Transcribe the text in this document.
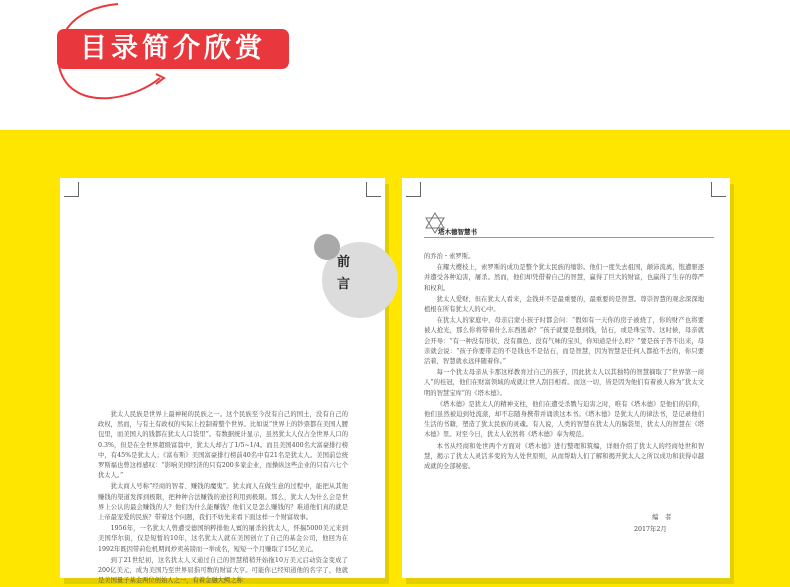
目录简介欣赏
前言

犹太人民族是世界上最神秘的民族之一。这个民族至今没有自己的国土，没有自己的政权，然而，与有土有政权的实际上控制着整个世界。比如说“世界上的钞票都在美国人腰包里，而美国人的钱都在犹太人口袋里”。有数据统计显示，虽然犹太人仅占全世界人口的0.3%，但是在全世界超级富翁中，犹太人却占了1/5~1/4。而且美国400名大富豪排行榜中，有45%是犹太人；《富布斯》美国富豪排行榜前40名中有21名是犹太人。美国前总统罗斯福也曾这样感叹：“影响美国经济的只有200多家企业，而操纵这些企业的只有六七个犹太人。”

犹太商人号称“经商的智者、赚钱的魔鬼”。犹太商人在做生意的过程中，能把从其他赚钱的渠道发挥到极限，把种种合法赚钱的途径利用到极限。那么，犹太人为什么会是世界上公认的最会赚钱的人？他们为什么能赚钱？他们又是怎么赚钱的？难道他们真的就是上帝最宠爱的民族？带着这个问题，我们不妨先来看下面这样一个财富故事。

1956年，一名犹太人曾遭受德国纳粹排他人賓的屠杀的犹太人，怀揣5000美元来到美国华尔街，仅是短暂的10年，这名犹太人就在美国创立了自己的基金公司，他回为在1992年既因带莳危机期间炒卖英镑而一举成名，短短一个月赚取了15亿美元。

到了21世纪初，这名犹太人又通过自己的智慧稍稍开始拖10万美元启动资金变成了200亿美元，成为美国乃至世界屈指可数的财富大亨。可能你已经知道他的名字了，他就是美国量子基金两位创始人之一，有着金融大鳄之称

塔木德智慧书

的乔治・索罗斯。

在耀大樱枝上，索罗斯的成功是整个犹太民族的缩影。他们一度失去祖国，颠沛流离，饱遭驱逐并遭受各种迫害，屠杀。然而，他们却凭借着自己的智慧，赢得了巨大的财富，也赢得了生存的尊严和权利。

犹太人爱财、但在犹太人看来，金钱并不是最重要的，最重要的是智慧。尊崇智慧的观念深深地植根在所有犹太人的心中。

在犹太人的家庭中，母亲启蒙小孩子时都会问：“假如有一天你的房子被烧了，你的财产也将要被人抢光，那么你将带着什么东西逃命？”孩子就要是想到钱，钻石，或是珠宝等。这时候，母亲就会开导：“有一种没有形状、没有颜色、没有气味的宝贝，你知道是什么吗？”要是孩子答不出来，母亲就会说：“孩子你要带走的不是钱也不是钻石，而是智慧，因为智慧是任何人都抢不去的，你只要活着，智慧就永远伴随着你。”

每一个犹太母亲从卡那这样教育过自己的孩子，因此犹太人以其独特的智慧摘取了“世界第一商人”的桂冠，他们在财富领域的成就让世人刮目相看。而这一切，皆是因为他们有着被人称为“犹太文明的智慧宝库”的《塔木德》。

《塔木德》是犹太人的精神支柱，他们在遭受杀戮与迫害之时，唯有《塔木德》是他们的信仰，他们虽然被迫到处流蒎，却不忘随身携带并诵读这本书。《塔木德》是犹太人的律法书，是记录他们生活的书籍，塑造了犹太民族的灵魂。有人说，人类的智慧在犹太人的脑袋里，犹太人的智慧在《塔木德》里。对至今日，犹太人依然将《塔木德》奉为规范。

本书从经商和处世两个方面对《塔木德》进行整理和筑编，详细介绍了犹太人的经商处世和智慧，揭示了犹太人灵活多变的为人处世原则，从而帮助人们了解和揭开犹太人之所以成功和获得卓越成就的全部秘密。

编　者
2017年2月
